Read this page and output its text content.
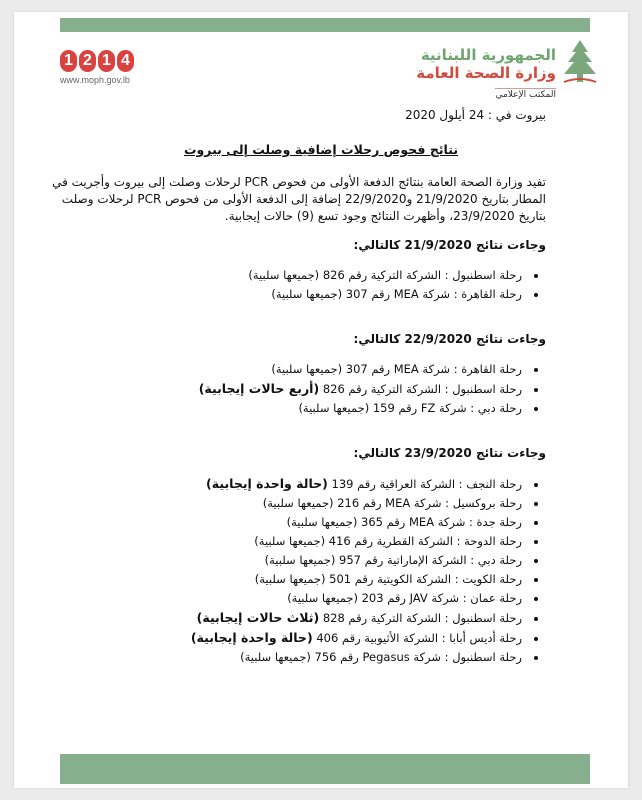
1 2 1 4
www.moph.gov.lb
الجمهورية اللبنانية
وزارة الصحة العامة
المكتب الإعلامي
بيروت في : 24 أيلول 2020
نتائج فحوص رحلات إضافية وصلت إلى بيروت
تفيد وزارة الصحة العامة بنتائج الدفعة الأولى من فحوص PCR لرحلات وصلت إلى بيروت وأجريت في المطار بتاريخ 21/9/2020 و22/9/2020 إضافة إلى الدفعة الأولى من فحوص PCR لرحلات وصلت بتاريخ 23/9/2020، وأظهرت النتائج وجود تسع (9) حالات إيجابية.
وجاءت نتائج 21/9/2020 كالتالي:
• رحلة اسطنبول : الشركة التركية رقم 826 (جميعها سلبية)
• رحلة القاهرة : شركة MEA رقم 307 (جميعها سلبية)
وجاءت نتائج 22/9/2020 كالتالي:
• رحلة القاهرة : شركة MEA رقم 307 (جميعها سلبية)
• رحلة اسطنبول : الشركة التركية رقم 826 (أربع حالات إيجابية)
• رحلة دبي : شركة FZ رقم 159 (جميعها سلبية)
وجاءت نتائج 23/9/2020 كالتالي:
• رحلة النجف : الشركة العراقية رقم 139 (حالة واحدة إيجابية)
• رحلة بروكسيل : شركة MEA رقم 216 (جميعها سلبية)
• رحلة جدة : شركة MEA رقم 365 (جميعها سلبية)
• رحلة الدوحة : الشركة القطرية رقم 416 (جميعها سلبية)
• رحلة دبي : الشركة الإماراتية رقم 957 (جميعها سلبية)
• رحلة الكويت : الشركة الكويتية رقم 501 (جميعها سلبية)
• رحلة عمان : شركة JAV رقم 203 (جميعها سلبية)
• رحلة اسطنبول : الشركة التركية رقم 828 (ثلاث حالات إيجابية)
• رحلة أديس أبابا : الشركة الأثيوبية رقم 406 (حالة واحدة إيجابية)
• رحلة اسطنبول : شركة Pegasus رقم 756 (جميعها سلبية)
